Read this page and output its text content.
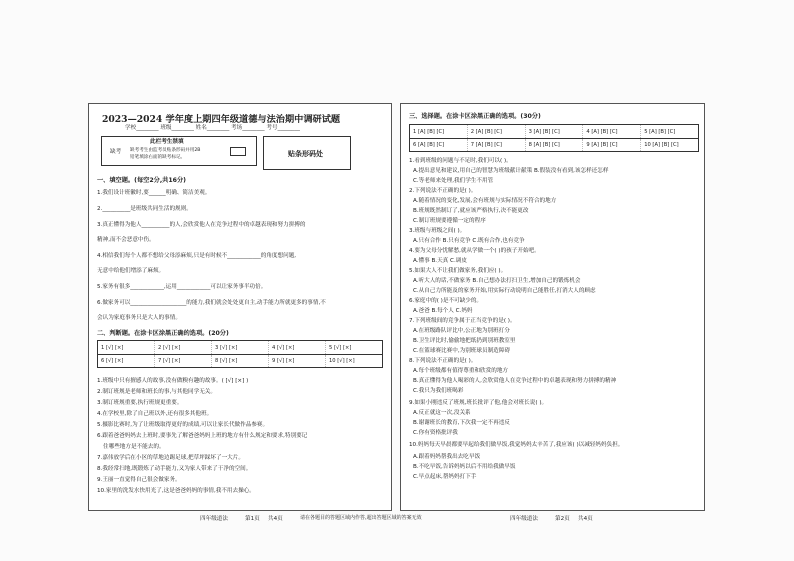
2023—2024 学年度上期四年级道德与法治期中调研试题
学校________ 班级________ 姓名________ 考场________ 考号________
此栏考生禁填
缺考 缺考考生由监考员贴条形码并用2B
铅笔填涂右面的缺考标记。	贴条形码处
一、填空题。(每空2分,共16分)
1.我们设计班徽时,要______明确、简洁美观。
2.__________是班级共同生活的规则。
3.真正懂得为他人__________的人,会欣赏他人在竞争过程中的卓越表现和努力拼搏的
精神,而不会恶意中伤。
4.相信我们每个人都不想给父母添麻烦,只是有时候不____________的角度想问题,
无意中给他们增添了麻烦。
5.家务有很多____________,运用____________可以让家务事半功倍。
6.做家务可以____________________的能力,我们就会处处更自主,动手能力所就更多的事情,不
会认为家庭事务只是大人的事情。
二、判断题。在涂卡区涂黑正确的选项。(20分)
1 [√] [×]	2 [√] [×]	3 [√] [×]	4 [√] [×]	5 [√] [×]
6 [√] [×]	7 [√] [×]	8 [√] [×]	9 [√] [×]	10 [√] [×]
1.班级中只有擅感人的故事,没有做糗有趣的故事。( [√] [×] )
2.制订班规是老师和班长的事,与其他同学无关。
3.制订班规重要,执行班规更重要。
4.在学校里,除了自己班以外,还有很多其他班。
5.摄影比赛时,为了让班级取得更好的成绩,可以让家长代做作品参赛。
6.跟着爸爸妈妈去上班时,要事先了解爸爸妈妈上班的地方有什么规定和要求,特别要记
住哪些地方是不能去的。
7.嘉伟放学后在小区的草地边踢足球,把草坪踩坏了一大片。
8.我经常扫地,既锻炼了动手能力,又为家人带来了干净的空间。
9.王丽一直觉得自己很会做家务。
10.家里的洗发水快用光了,这是爸爸妈妈的事情,我不用去操心。
三、选择题。在涂卡区涂黑正确的选项。(30分)
1 [A] [B] [C]	2 [A] [B] [C]	3 [A] [B] [C]	4 [A] [B] [C]	5 [A] [B] [C]
6 [A] [B] [C]	7 [A] [B] [C]	8 [A] [B] [C]	9 [A] [B] [C]	10 [A] [B] [C]
1.看到班级的问题与不足时,我们可以( )。
A.提出意见和建议,用自己的智慧为班级献计献策 B.假装没有看到,该怎样还怎样
C.等老师来处理,我们学生不用管
2.下列说法不正确的是( )。
A.随着情况的变化,发展,会有班规与实际情况不符合的地方
B.班规既然制订了,就应该严格执行,决不能更改
C.制订班规要遵循一定的程序
3.班级与班级之间( )。
A.只有合作 B.只有竞争 C.既有合作,也有竞争
4.要为父母分忧解愁,就从学做一个( )的孩子开始吧。
A.懂事 B.天真 C.调皮
5.如果大人不让我们做家务,我们应( )。
A.听大人的话,不做家务 B.自己想办法打扫卫生,增加自己的锻炼机会
C.从自己力所能及的家务开始,用实际行动说明自己能胜任,打消大人的顾虑
6.家庭中的( )是不可缺少的。
A.爸爸 B.每个人 C.妈妈
7.下列班级间的竞争属于正当竞争的是( )。
A.在班级路队评比中,公正地为别班打分
B.卫生评比时,偷偷地把纸扔到别班教室里
C.在篮球赛比赛中,为别班球员制造障碍
8.下列说法不正确的是( )。
A.每个班级都有值得尊重和欣赏的地方
B.真正懂得为他人喝彩的人,会欣赏他人在竞争过程中的卓越表现和努力拼搏的精神
C.我只为我们班喝彩
9.如果小刚违反了班规,班长批评了他,他会对班长说( )。
A.反正就这一次,没关系
B.谢谢班长的教育,下次我一定不再违反
C.你有资格批评我
10.妈妈每天早晨都要早起给我们做早饭,我觉妈妈太辛苦了,我应该( )以减轻妈妈负担。
A.跟着妈妈帮我出去吃早饭
B.不吃早饭,告诉妈妈以后不用给我做早饭
C.早点起床,帮妈妈打下手
四年级道法	第1页 共4页	请在各题目的答题区域内作答,超出答题区域的答案无效	四年级道法	第2页 共4页
